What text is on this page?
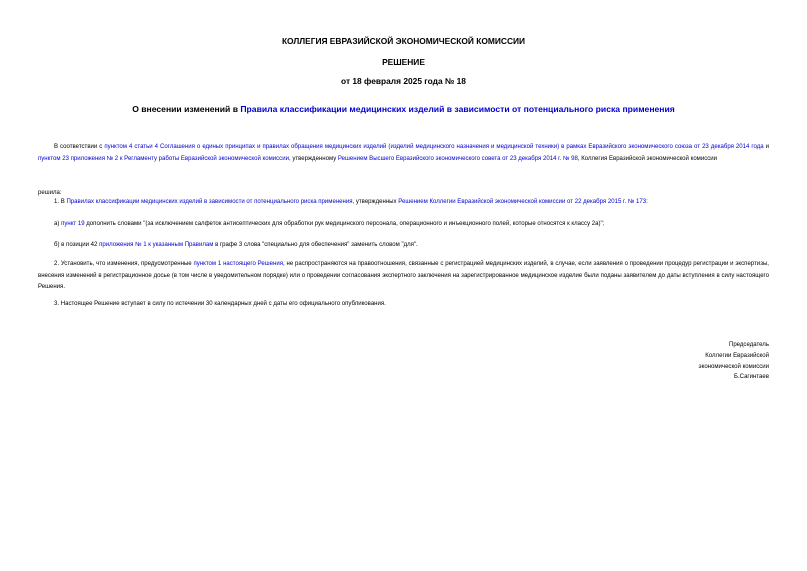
КОЛЛЕГИЯ ЕВРАЗИЙСКОЙ ЭКОНОМИЧЕСКОЙ КОМИССИИ
РЕШЕНИЕ
от 18 февраля 2025 года № 18
О внесении изменений в Правила классификации медицинских изделий в зависимости от потенциального риска применения
В соответствии с пунктом 4 статьи 4 Соглашения о единых принципах и правилах обращения медицинских изделий (изделий медицинского назначения и медицинской техники) в рамках Евразийского экономического союза от 23 декабря 2014 года и пунктом 23 приложения № 2 к Регламенту работы Евразийской экономической комиссии, утвержденному Решением Высшего Евразийского экономического совета от 23 декабря 2014 г. № 98, Коллегия Евразийской экономической комиссии
решила:
1. В Правилах классификации медицинских изделий в зависимости от потенциального риска применения, утвержденных Решением Коллегии Евразийской экономической комиссии от 22 декабря 2015 г. № 173:
а) пункт 19 дополнить словами "(за исключением салфеток антисептических для обработки рук медицинского персонала, операционного и инъекционного полей, которые относятся к классу 2а)";
б) в позиции 42 приложения № 1 к указанным Правилам в графе 3 слова "специально для обеспечения" заменить словом "для".
2. Установить, что изменения, предусмотренные пунктом 1 настоящего Решения, не распространяются на правоотношения, связанные с регистрацией медицинских изделий, в случае, если заявления о проведении процедур регистрации и экспертизы, внесения изменений в регистрационное досье (в том числе в уведомительном порядке) или о проведении согласования экспертного заключения на зарегистрированное медицинское изделие были поданы заявителем до даты вступления в силу настоящего Решения.
3. Настоящее Решение вступает в силу по истечении 30 календарных дней с даты его официального опубликования.
Председатель
Коллегии Евразийской
экономической комиссии
Б.Сагинтаев
